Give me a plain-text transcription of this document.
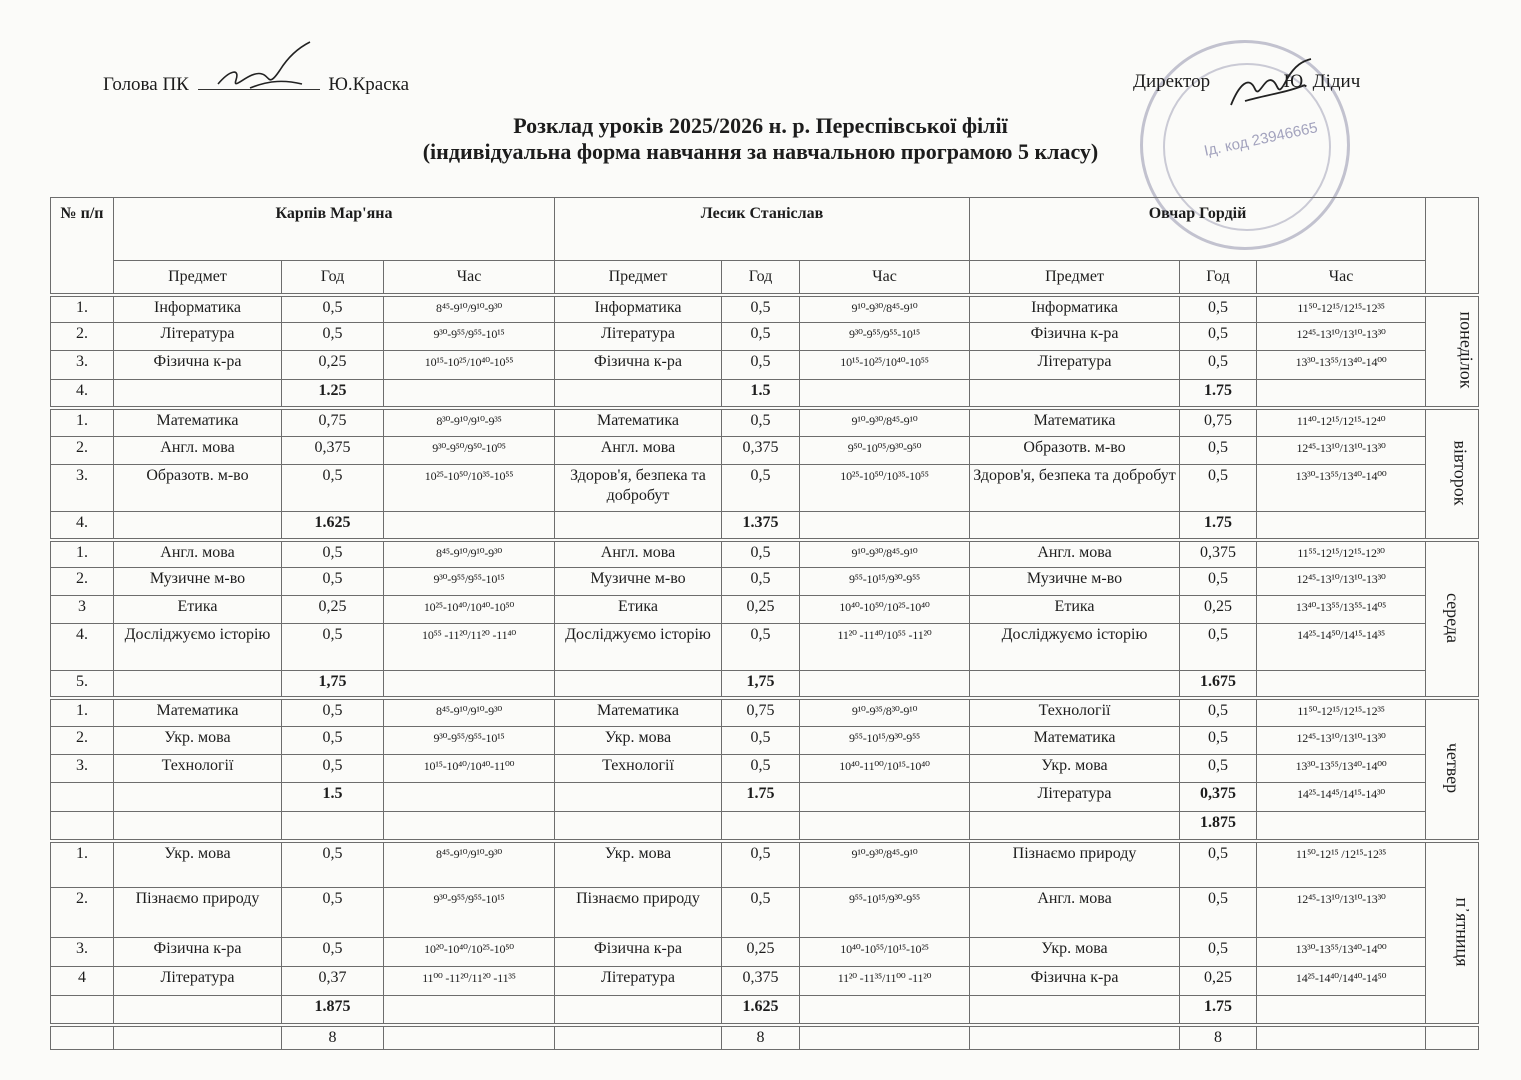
Голова ПК	Ю.Краска
Ід. код 23946665
Директор	Ю. Дідич
Розклад уроків 2025/2026 н. р. Переспівської філії
(індивідуальна форма навчання за навчальною програмою 5 класу)
№ п/п	Карпів Мар'яна			Лесик Станіслав			Овчар Гордій			
	Предмет	Год	Час	Предмет	Год	Час	Предмет	Год	Час	
1.	Інформатика	0,5	8⁴⁵-9¹⁰/9¹⁰-9³⁰	Інформатика	0,5	9¹⁰-9³⁰/8⁴⁵-9¹⁰	Інформатика	0,5	11⁵⁰-12¹⁵/12¹⁵-12³⁵	понеділок
2.	Література	0,5	9³⁰-9⁵⁵/9⁵⁵-10¹⁵	Література	0,5	9³⁰-9⁵⁵/9⁵⁵-10¹⁵	Фізична к-ра	0,5	12⁴⁵-13¹⁰/13¹⁰-13³⁰	
3.	Фізична к-ра	0,25	10¹⁵-10²⁵/10⁴⁰-10⁵⁵	Фізична к-ра	0,5	10¹⁵-10²⁵/10⁴⁰-10⁵⁵	Література	0,5	13³⁰-13⁵⁵/13⁴⁰-14⁰⁰	
4.		1.25			1.5			1.75		
1.	Математика	0,75	8³⁰-9¹⁰/9¹⁰-9³⁵	Математика	0,5	9¹⁰-9³⁰/8⁴⁵-9¹⁰	Математика	0,75	11⁴⁰-12¹⁵/12¹⁵-12⁴⁰	вівторок
2.	Англ. мова	0,375	9³⁰-9⁵⁰/9⁵⁰-10⁰⁵	Англ. мова	0,375	9⁵⁰-10⁰⁵/9³⁰-9⁵⁰	Образотв. м-во	0,5	12⁴⁵-13¹⁰/13¹⁰-13³⁰	
3.	Образотв. м-во	0,5	10²⁵-10⁵⁰/10³⁵-10⁵⁵	Здоров'я, безпека та добробут	0,5	10²⁵-10⁵⁰/10³⁵-10⁵⁵	Здоров'я, безпека та добробут	0,5	13³⁰-13⁵⁵/13⁴⁰-14⁰⁰	
4.		1.625			1.375			1.75		
1.	Англ. мова	0,5	8⁴⁵-9¹⁰/9¹⁰-9³⁰	Англ. мова	0,5	9¹⁰-9³⁰/8⁴⁵-9¹⁰	Англ. мова	0,375	11⁵⁵-12¹⁵/12¹⁵-12³⁰	середа
2.	Музичне м-во	0,5	9³⁰-9⁵⁵/9⁵⁵-10¹⁵	Музичне м-во	0,5	9⁵⁵-10¹⁵/9³⁰-9⁵⁵	Музичне м-во	0,5	12⁴⁵-13¹⁰/13¹⁰-13³⁰	
3	Етика	0,25	10²⁵-10⁴⁰/10⁴⁰-10⁵⁰	Етика	0,25	10⁴⁰-10⁵⁰/10²⁵-10⁴⁰	Етика	0,25	13⁴⁰-13⁵⁵/13⁵⁵-14⁰⁵	
4.	Досліджуємо історію	0,5	10⁵⁵ -11²⁰/11²⁰ -11⁴⁰	Досліджуємо історію	0,5	11²⁰ -11⁴⁰/10⁵⁵ -11²⁰	Досліджуємо історію	0,5	14²⁵-14⁵⁰/14¹⁵-14³⁵	
5.		1,75			1,75			1.675		
1.	Математика	0,5	8⁴⁵-9¹⁰/9¹⁰-9³⁰	Математика	0,75	9¹⁰-9³⁵/8³⁰-9¹⁰	Технології	0,5	11⁵⁰-12¹⁵/12¹⁵-12³⁵	четвер
2.	Укр. мова	0,5	9³⁰-9⁵⁵/9⁵⁵-10¹⁵	Укр. мова	0,5	9⁵⁵-10¹⁵/9³⁰-9⁵⁵	Математика	0,5	12⁴⁵-13¹⁰/13¹⁰-13³⁰	
3.	Технології	0,5	10¹⁵-10⁴⁰/10⁴⁰-11⁰⁰	Технології	0,5	10⁴⁰-11⁰⁰/10¹⁵-10⁴⁰	Укр. мова	0,5	13³⁰-13⁵⁵/13⁴⁰-14⁰⁰	
		1.5			1.75		Література	0,375	14²⁵-14⁴⁵/14¹⁵-14³⁰	
								1.875		
1.	Укр. мова	0,5	8⁴⁵-9¹⁰/9¹⁰-9³⁰	Укр. мова	0,5	9¹⁰-9³⁰/8⁴⁵-9¹⁰	Пізнаємо природу	0,5	11⁵⁰-12¹⁵ /12¹⁵-12³⁵	п᾿ятниця
2.	Пізнаємо природу	0,5	9³⁰-9⁵⁵/9⁵⁵-10¹⁵	Пізнаємо природу	0,5	9⁵⁵-10¹⁵/9³⁰-9⁵⁵	Англ. мова	0,5	12⁴⁵-13¹⁰/13¹⁰-13³⁰	
3.	Фізична к-ра	0,5	10²⁰-10⁴⁰/10²⁵-10⁵⁰	Фізична к-ра	0,25	10⁴⁰-10⁵⁵/10¹⁵-10²⁵	Укр. мова	0,5	13³⁰-13⁵⁵/13⁴⁰-14⁰⁰	
4	Література	0,37	11⁰⁰ -11²⁰/11²⁰ -11³⁵	Література	0,375	11²⁰ -11³⁵/11⁰⁰ -11²⁰	Фізична к-ра	0,25	14²⁵-14⁴⁰/14⁴⁰-14⁵⁰	
		1.875			1.625			1.75		
		8			8			8		
